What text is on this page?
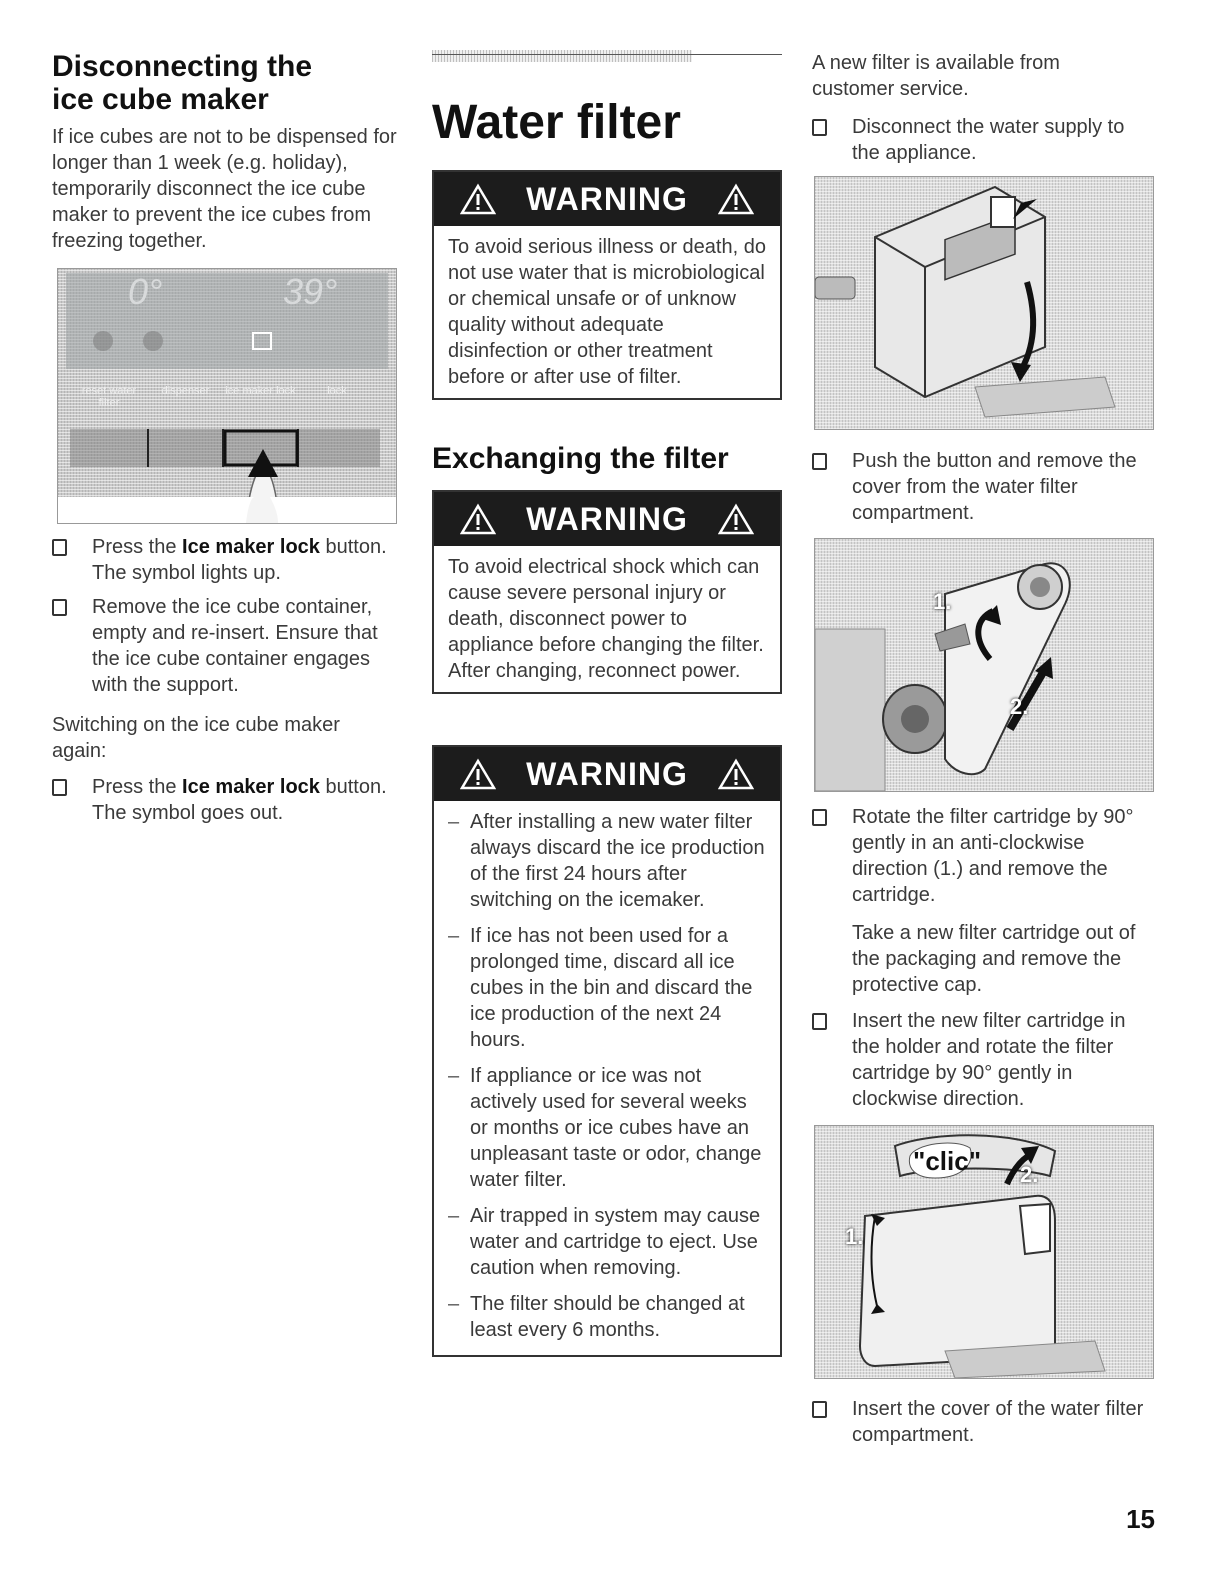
Disconnecting the
ice cube maker

If ice cubes are not to be dispensed for longer than 1 week (e.g. holiday), temporarily disconnect the ice cube maker to prevent the ice cubes from freezing together.

0°	39°
reset water filter
dispenser	ice maker lock	lock
Press the Ice maker lock button. The symbol lights up.
Remove the ice cube container, empty and re-insert. Ensure that the ice cube container engages with the support.

Switching on the ice cube maker again:

Press the Ice maker lock button. The symbol goes out.
Water filter
WARNING
To avoid serious illness or death, do not use water that is microbiological or chemical unsafe or of unknow quality without adequate disinfection or other treatment before or after use of filter.
Exchanging the filter
WARNING
To avoid electrical shock which can cause severe personal injury or death, disconnect power to appliance before changing the filter. After changing, reconnect power.
WARNING
– After installing a new water filter always discard the ice production of the first 24 hours after switching on the icemaker.
– If ice has not been used for a prolonged time, discard all ice cubes in the bin and discard the ice production of the next 24 hours.
– If appliance or ice was not actively used for several weeks or months or ice cubes have an unpleasant taste or odor, change water filter.
– Air trapped in system may cause water and cartridge to eject. Use caution when removing.
– The filter should be changed at least every 6 months.

A new filter is available from customer service.

Disconnect the water supply to the appliance.
Push the button and remove the cover from the water filter compartment.
1.
2.
Rotate the filter cartridge by 90° gently in an anti-clockwise direction (1.) and remove the cartridge.

Take a new filter cartridge out of the packaging and remove the protective cap.

Insert the new filter cartridge in the holder and rotate the filter cartridge by 90° gently in clockwise direction.
"clic"
1.
2.
Insert the cover of the water filter compartment.
15
